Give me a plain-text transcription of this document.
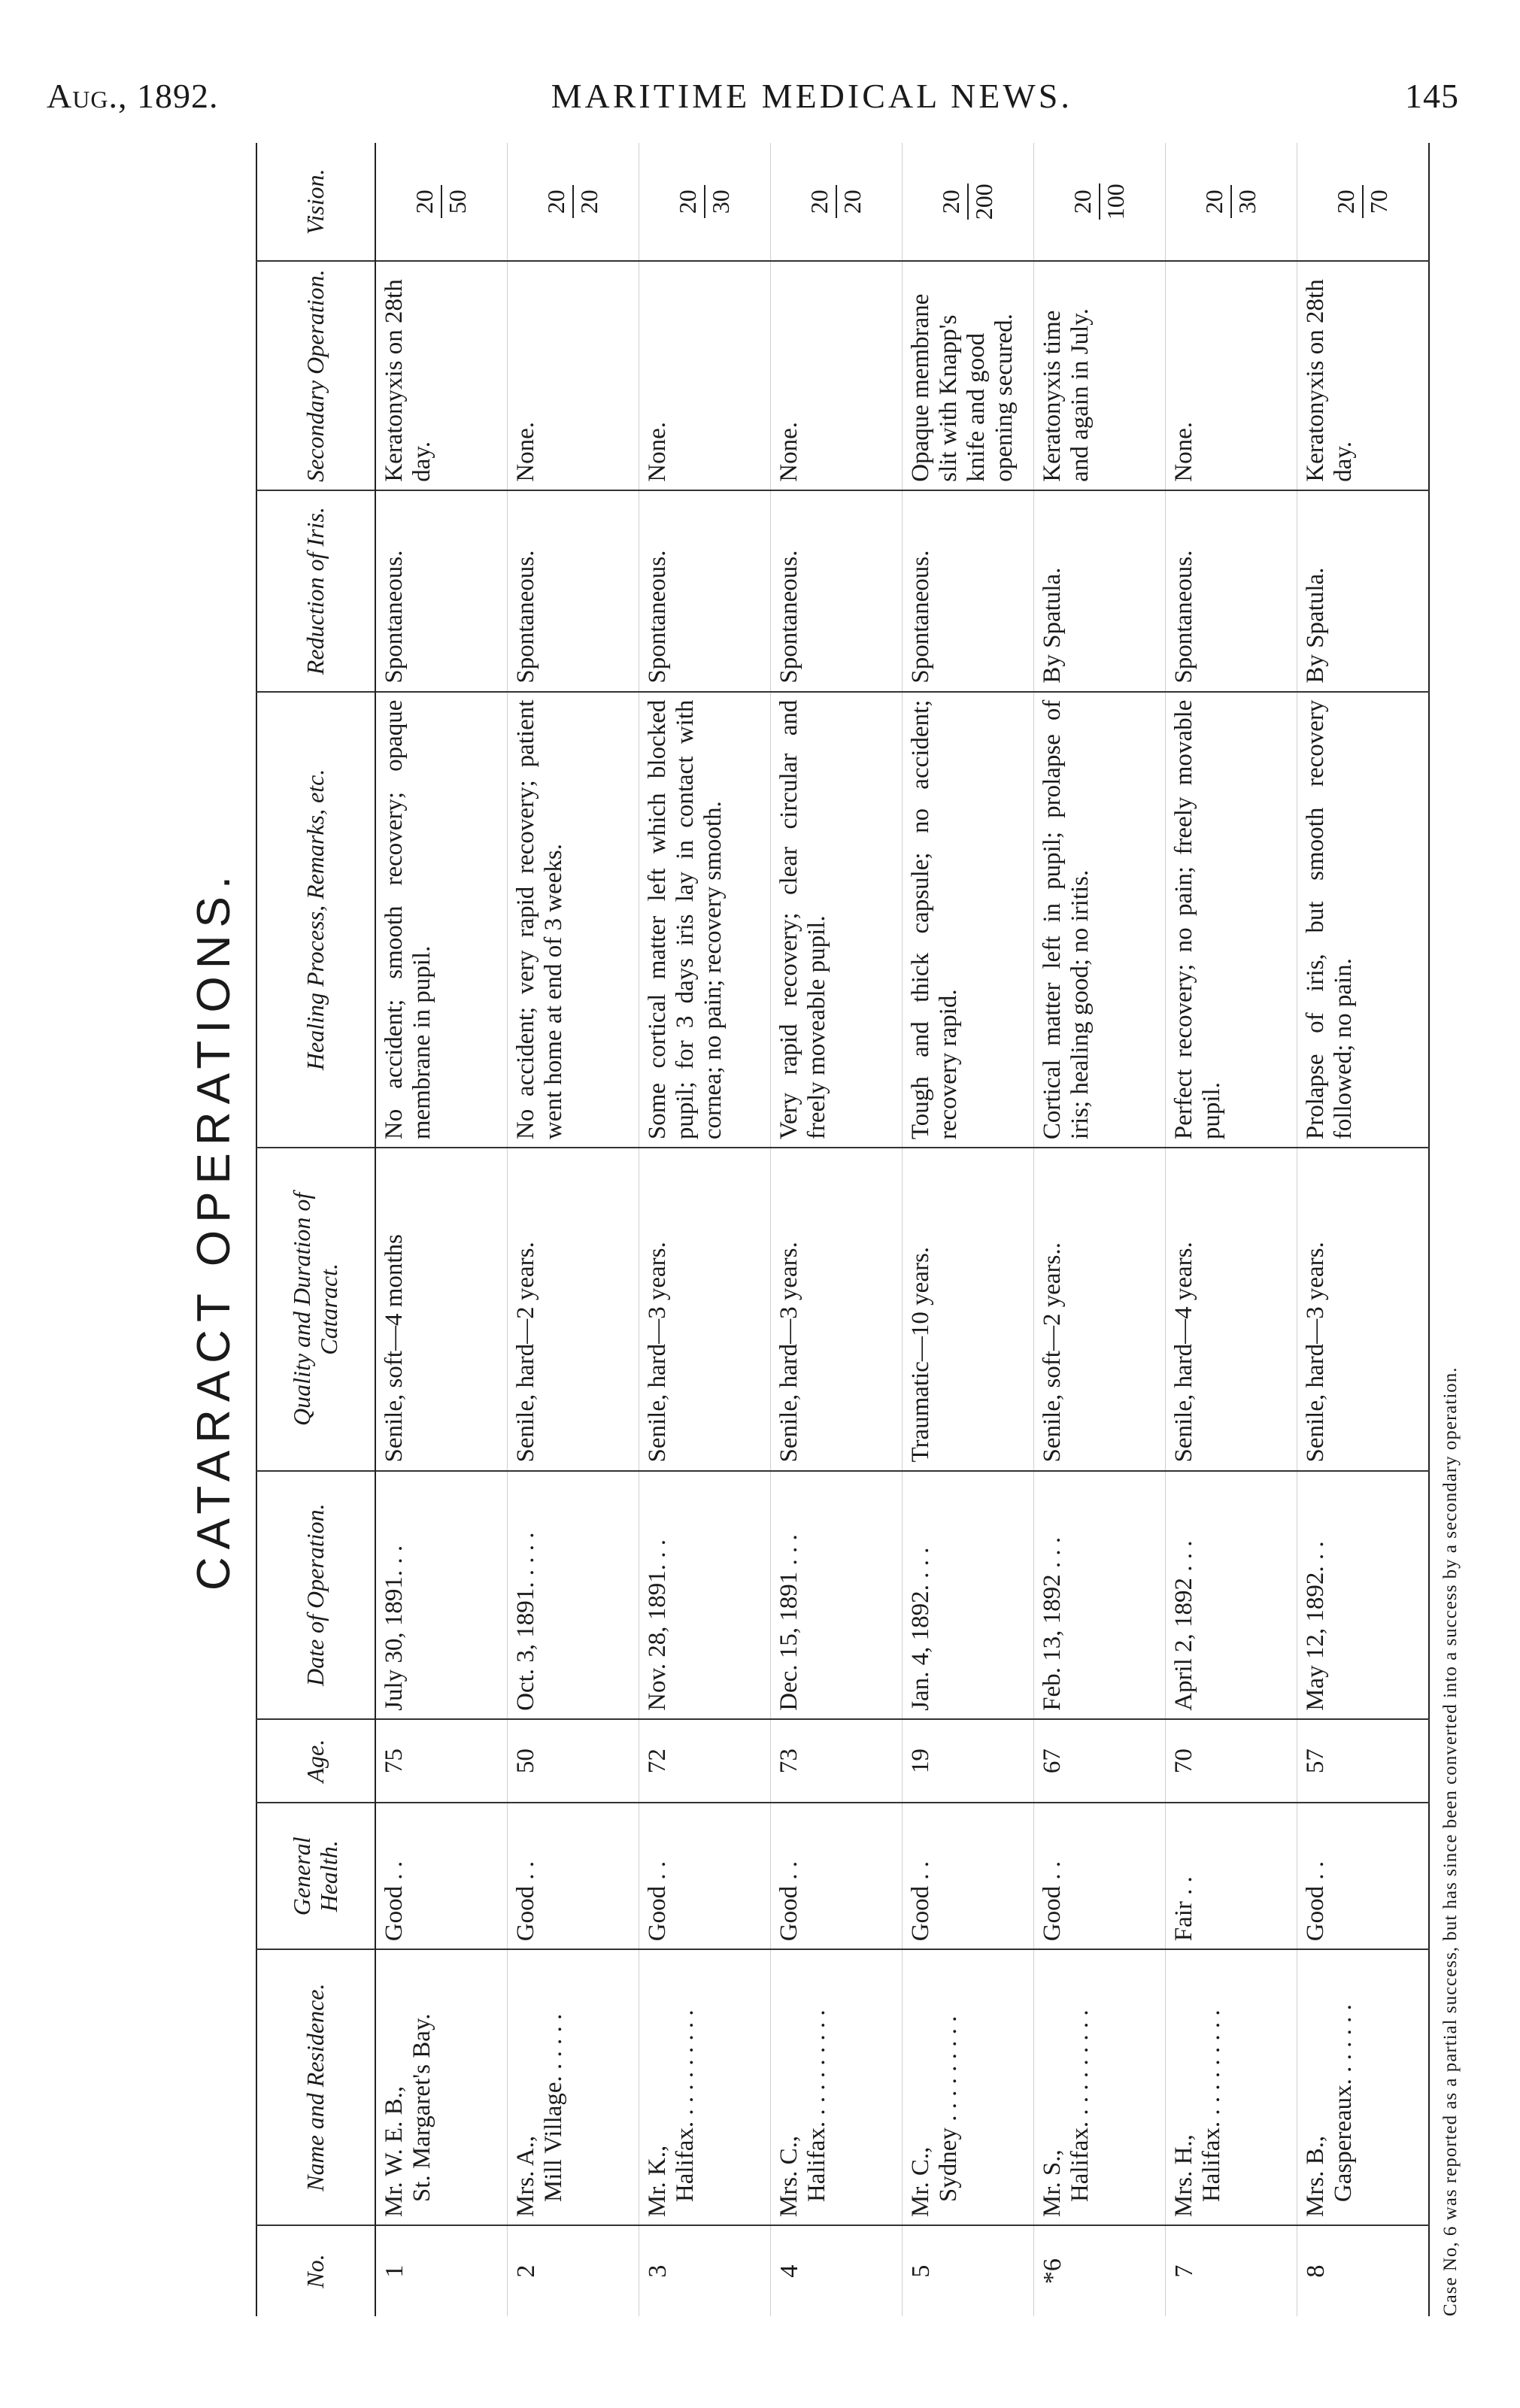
Aug., 1892.	MARITIME MEDICAL NEWS.	145
CATARACT OPERATIONS.
No.	Name and Residence.	General Health.	Age.	Date of Operation.	Quality and Duration of Cataract.	Healing Process, Remarks, etc.	Reduction of Iris.	Secondary Operation.	Vision.
1	Mr. W. E. B., St. Margaret's Bay.	Good . .	75	July 30, 1891. . .	Senile, soft—4 months	No accident; smooth recovery; opaque membrane in pupil.	Spontaneous.	Keratonyxis on 28th day.	20 50

2	Mrs. A., Mill Village. . . . . .	Good . .	50	Oct. 3, 1891. . . . .	Senile, hard—2 years.	No accident; very rapid recovery; patient went home at end of 3 weeks.	Spontaneous.	None.	20 20

3	Mr. K., Halifax. . . . . . . . . .	Good . .	72	Nov. 28, 1891. . .	Senile, hard—3 years.	Some cortical matter left which blocked pupil; for 3 days iris lay in contact with cornea; no pain; recovery smooth.	Spontaneous.	None.	20 30

4	Mrs. C., Halifax. . . . . . . . . .	Good . .	73	Dec. 15, 1891 . . .	Senile, hard—3 years.	Very rapid recovery; clear circular and freely moveable pupil.	Spontaneous.	None.	20 20

5	Mr. C., Sydney . . . . . . . . .	Good . .	19	Jan. 4, 1892. . . .	Traumatic—10 years.	Tough and thick capsule; no accident; recovery rapid.	Spontaneous.	Opaque membrane slit with Knapp's knife and good opening secured.	20 200

*6	Mr. S., Halifax. . . . . . . . . .	Good . .	67	Feb. 13, 1892 . . .	Senile, soft—2 years..	Cortical matter left in pupil; prolapse of iris; healing good; no iritis.	By Spatula.	Keratonyxis time and again in July.	20 100

7	Mrs. H., Halifax. . . . . . . . . .	Fair . .	70	April 2, 1892 . . .	Senile, hard—4 years.	Perfect recovery; no pain; freely movable pupil.	Spontaneous.	None.	20 30

8	Mrs. B., Gaspereaux. . . . . . .	Good . .	57	May 12, 1892. . .	Senile, hard—3 years.	Prolapse of iris, but smooth recovery followed; no pain.	By Spatula.	Keratonyxis on 28th day.	20 70
Case No, 6 was reported as a partial success, but has since been converted into a success by a secondary operation.
